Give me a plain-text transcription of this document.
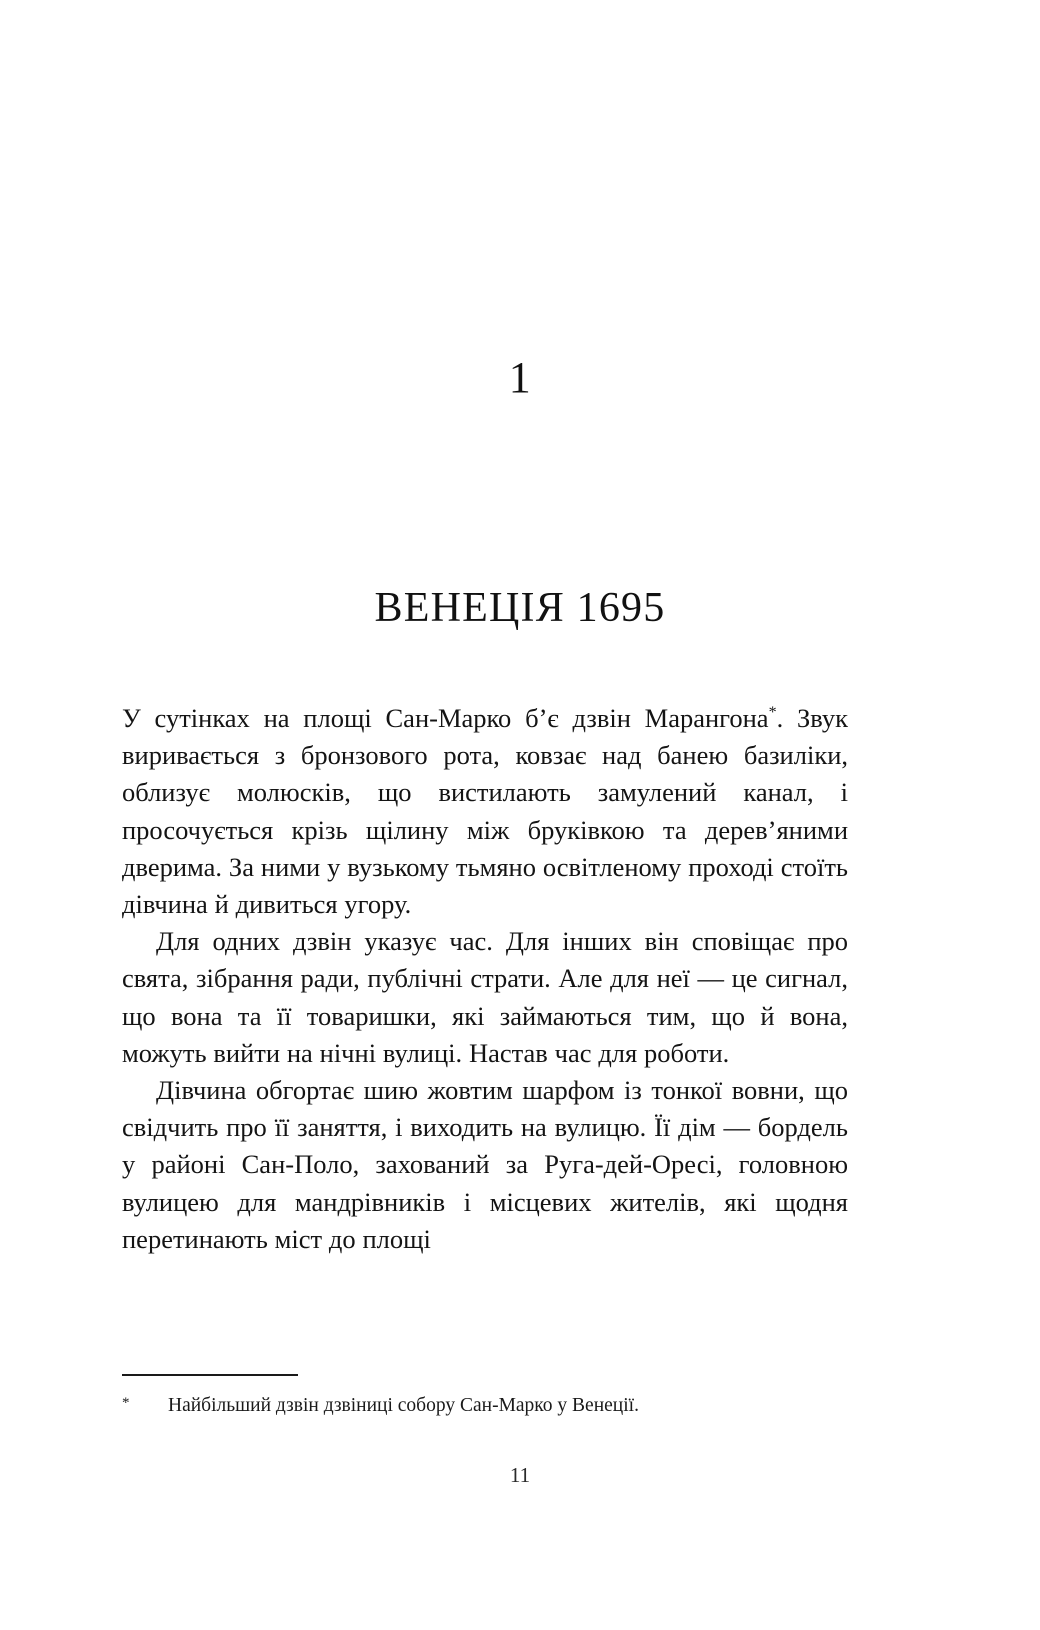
1
ВЕНЕЦІЯ 1695

У сутінках на площі Сан-Марко б’є дзвін Марангона*. Звук виривається з бронзового рота, ковзає над банею базиліки, облизує молюсків, що вистилають замулений канал, і просочується крізь щілину між бруківкою та дерев’яними дверима. За ними у вузькому тьмяно освітленому проході стоїть дівчина й дивиться угору.

Для одних дзвін указує час. Для інших він сповіщає про свята, зібрання ради, публічні страти. Але для неї — це сигнал, що вона та її товаришки, які займаються тим, що й вона, можуть вийти на нічні вулиці. Настав час для роботи.

Дівчина обгортає шию жовтим шарфом із тонкої вовни, що свідчить про її заняття, і виходить на вулицю. Її дім — бордель у районі Сан-Поло, захований за Руга-дей-Оресі, головною вулицею для мандрівників і місцевих жителів, які щодня перетинають міст до площі

*	Найбільший дзвін дзвіниці собору Сан-Марко у Венеції.
11
